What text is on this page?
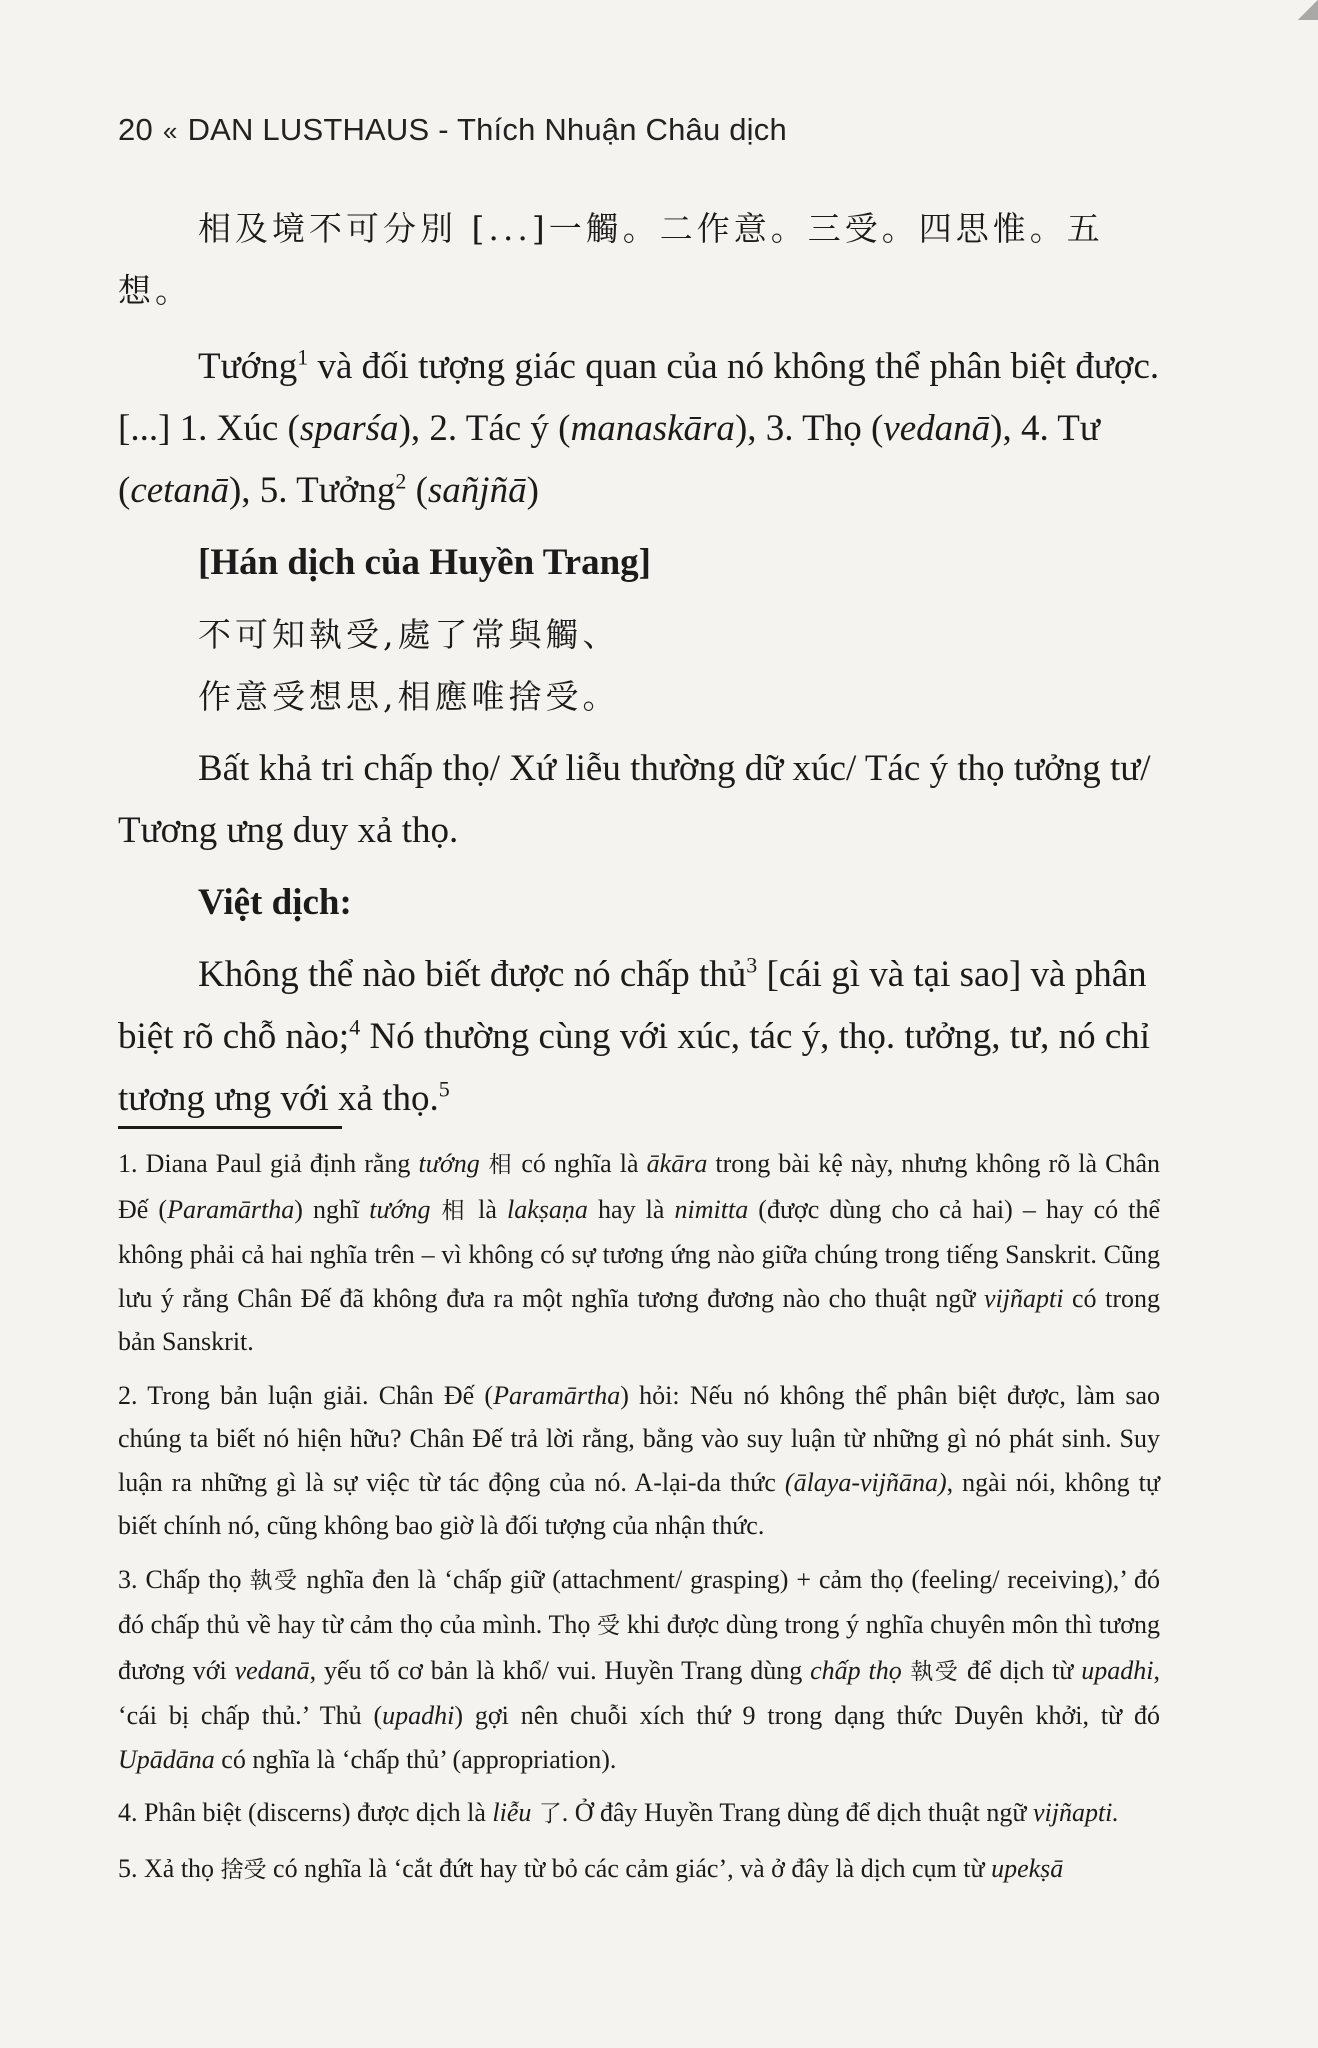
20 « DAN LUSTHAUS - Thích Nhuận Châu dịch

相及境不可分別 [...]一觸。二作意。三受。四思惟。五想。

Tướng$^1$ và đối tượng giác quan của nó không thể phân biệt được.[...] 1. Xúc (sparśa), 2. Tác ý (manaskāra), 3. Thọ (vedanā), 4. Tư (cetanā), 5. Tưởng$^2$ (sañjñā)

[Hán dịch của Huyền Trang]

不可知執受,處了常與觸、

作意受想思,相應唯捨受。

Bất khả tri chấp thọ/ Xứ liễu thường dữ xúc/ Tác ý thọ tưởng tư/ Tương ưng duy xả thọ.

Việt dịch:

Không thể nào biết được nó chấp thủ$^3$ [cái gì và tại sao] và phân biệt rõ chỗ nào;$^4$ Nó thường cùng với xúc, tác ý, thọ. tưởng, tư, nó chỉ tương ưng với xả thọ.$^5$

1. Diana Paul giả định rằng tướng 相 có nghĩa là ākāra trong bài kệ này, nhưng không rõ là Chân Đế (Paramārtha) nghĩ tướng 相 là lakṣaṇa hay là nimitta (được dùng cho cả hai) – hay có thể không phải cả hai nghĩa trên – vì không có sự tương ứng nào giữa chúng trong tiếng Sanskrit. Cũng lưu ý rằng Chân Đế đã không đưa ra một nghĩa tương đương nào cho thuật ngữ vijñapti có trong bản Sanskrit.

2. Trong bản luận giải. Chân Đế (Paramārtha) hỏi: Nếu nó không thể phân biệt được, làm sao chúng ta biết nó hiện hữu? Chân Đế trả lời rằng, bằng vào suy luận từ những gì nó phát sinh. Suy luận ra những gì là sự việc từ tác động của nó. A-lại-da thức (ālaya-vijñāna), ngài nói, không tự biết chính nó, cũng không bao giờ là đối tượng của nhận thức.

3. Chấp thọ 執受 nghĩa đen là ‘chấp giữ (attachment/ grasping) + cảm thọ (feeling/ receiving),’ đó đó chấp thủ về hay từ cảm thọ của mình. Thọ 受 khi được dùng trong ý nghĩa chuyên môn thì tương đương với vedanā, yếu tố cơ bản là khổ/ vui. Huyền Trang dùng chấp thọ 執受 để dịch từ upadhi, ‘cái bị chấp thủ.’ Thủ (upadhi) gợi nên chuỗi xích thứ 9 trong dạng thức Duyên khởi, từ đó Upādāna có nghĩa là ‘chấp thủ’ (appropriation).

4. Phân biệt (discerns) được dịch là liễu 了. Ở đây Huyền Trang dùng để dịch thuật ngữ vijñapti.

5. Xả thọ 捨受 có nghĩa là ‘cắt đứt hay từ bỏ các cảm giác’, và ở đây là dịch cụm từ upekṣā
